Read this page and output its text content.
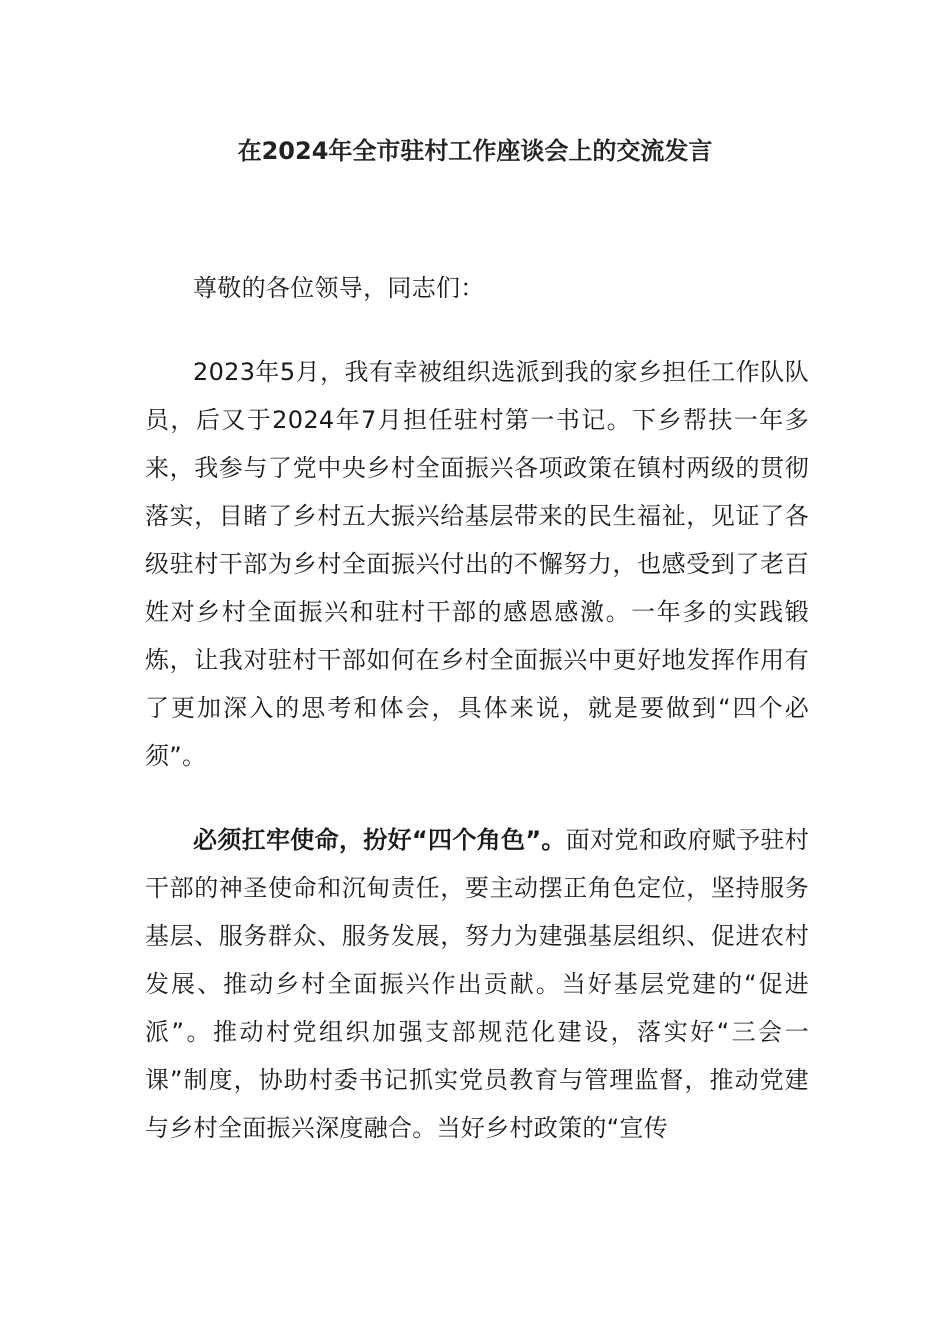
在2024年全市驻村工作座谈会上的交流发言

尊敬的各位领导，同志们：

2023年5月，我有幸被组织选派到我的家乡担任工作队队员，后又于2024年7月担任驻村第一书记。下乡帮扶一年多来，我参与了党中央乡村全面振兴各项政策在镇村两级的贯彻落实，目睹了乡村五大振兴给基层带来的民生福祉，见证了各级驻村干部为乡村全面振兴付出的不懈努力，也感受到了老百姓对乡村全面振兴和驻村干部的感恩感激。一年多的实践锻炼，让我对驻村干部如何在乡村全面振兴中更好地发挥作用有了更加深入的思考和体会，具体来说，就是要做到“四个必须”。

必须扛牢使命，扮好“四个角色”。面对党和政府赋予驻村干部的神圣使命和沉甸责任，要主动摆正角色定位，坚持服务基层、服务群众、服务发展，努力为建强基层组织、促进农村发展、推动乡村全面振兴作出贡献。当好基层党建的“促进派”。推动村党组织加强支部规范化建设，落实好“三会一课”制度，协助村委书记抓实党员教育与管理监督，推动党建与乡村全面振兴深度融合。当好乡村政策的“宣传
